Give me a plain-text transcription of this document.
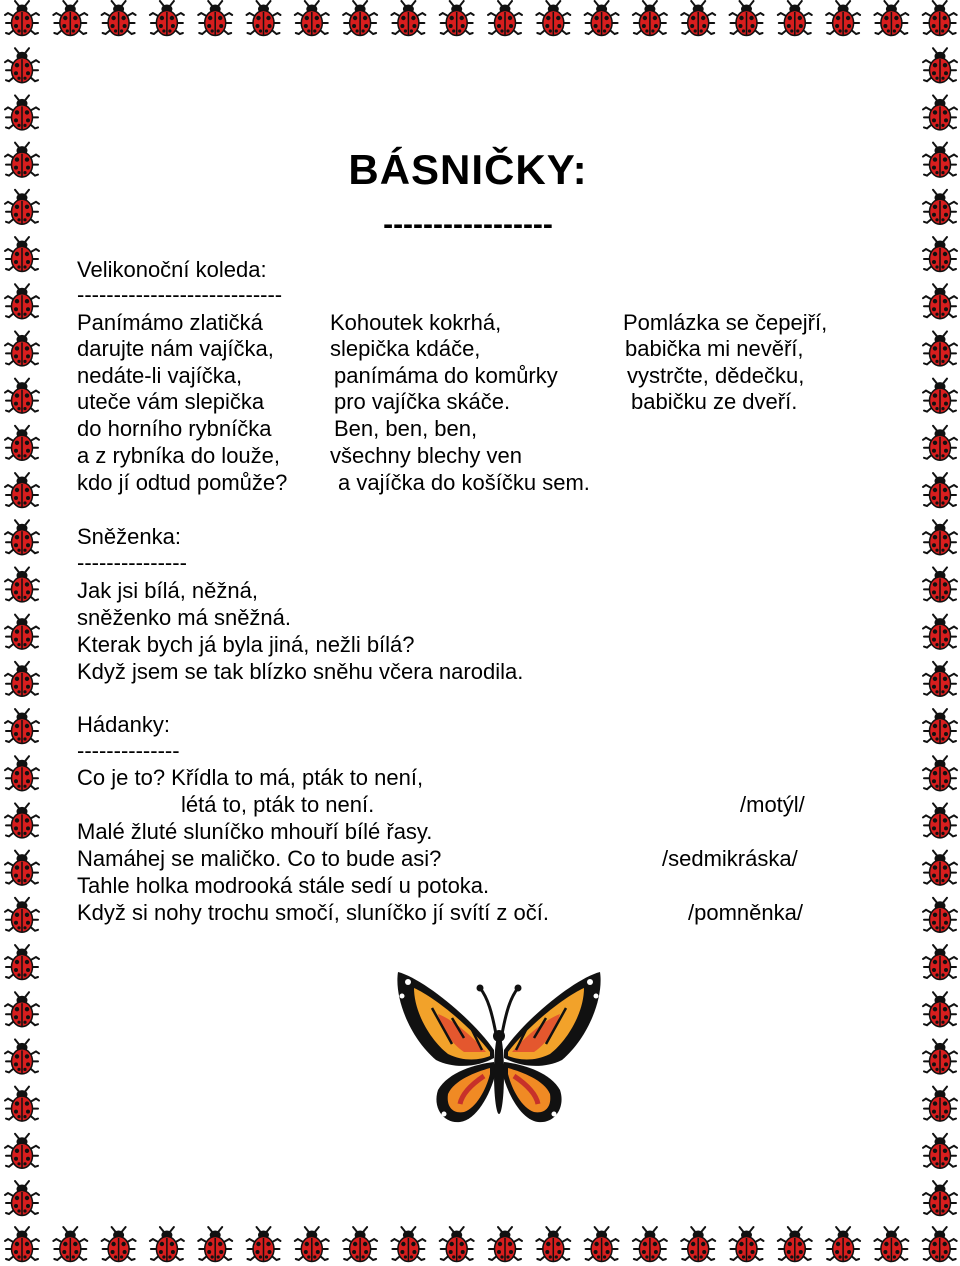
BÁSNIČKY:
-----------------
Velikonoční koleda:
----------------------------
Panímámo zlatičká
darujte nám vajíčka,
nedáte-li vajíčka,
uteče vám slepička
do horního rybníčka
a z rybníka do louže,
kdo jí odtud pomůže?
Kohoutek kokrhá,
slepička kdáče,
panímáma do komůrky
pro vajíčka skáče.
Ben, ben, ben,
všechny blechy ven
a vajíčka do košíčku sem.
Pomlázka se čepejří,
babička mi nevěří,
vystrčte, dědečku,
babičku ze dveří.
Sněženka:
---------------
Jak jsi bílá, něžná,
sněženko má sněžná.
Kterak bych já byla jiná, nežli bílá?
Když jsem se tak blízko sněhu včera narodila.
Hádanky:
--------------
Co je to? Křídla to má, pták to není,
létá to, pták to není.
Malé žluté sluníčko mhouří bílé řasy.
Namáhej se maličko. Co to bude asi?
Tahle holka modrooká stále sedí u potoka.
Když si nohy trochu smočí, sluníčko jí svítí z očí.
/motýl/
/sedmikráska/
/pomněnka/
